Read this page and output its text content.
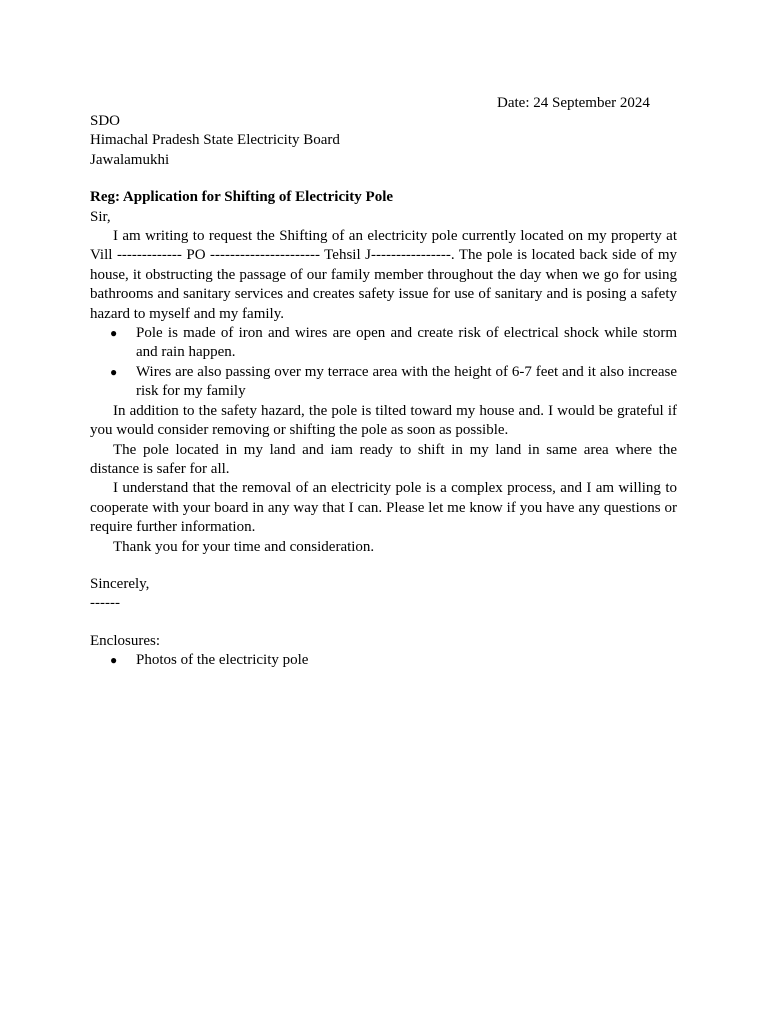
Date: 24 September 2024
SDO
Himachal Pradesh State Electricity Board
Jawalamukhi
Reg: Application for Shifting of Electricity Pole
Sir,

I am writing to request the Shifting of an electricity pole currently located on my property at Vill ------------- PO ---------------------- Tehsil J----------------. The pole is located back side of my house, it obstructing the passage of our family member throughout the day when we go for using bathrooms and sanitary services and creates safety issue for use of sanitary and is posing a safety hazard to myself and my family.

● Pole is made of iron and wires are open and create risk of electrical shock while storm and rain happen.
● Wires are also passing over my terrace area with the height of 6-7 feet and it also increase risk for my family

In addition to the safety hazard, the pole is tilted toward my house and. I would be grateful if you would consider removing or shifting the pole as soon as possible.

The pole located in my land and iam ready to shift in my land in same area where the distance is safer for all.

I understand that the removal of an electricity pole is a complex process, and I am willing to cooperate with your board in any way that I can. Please let me know if you have any questions or require further information.

Thank you for your time and consideration.

Sincerely,
------
Enclosures:
● Photos of the electricity pole
